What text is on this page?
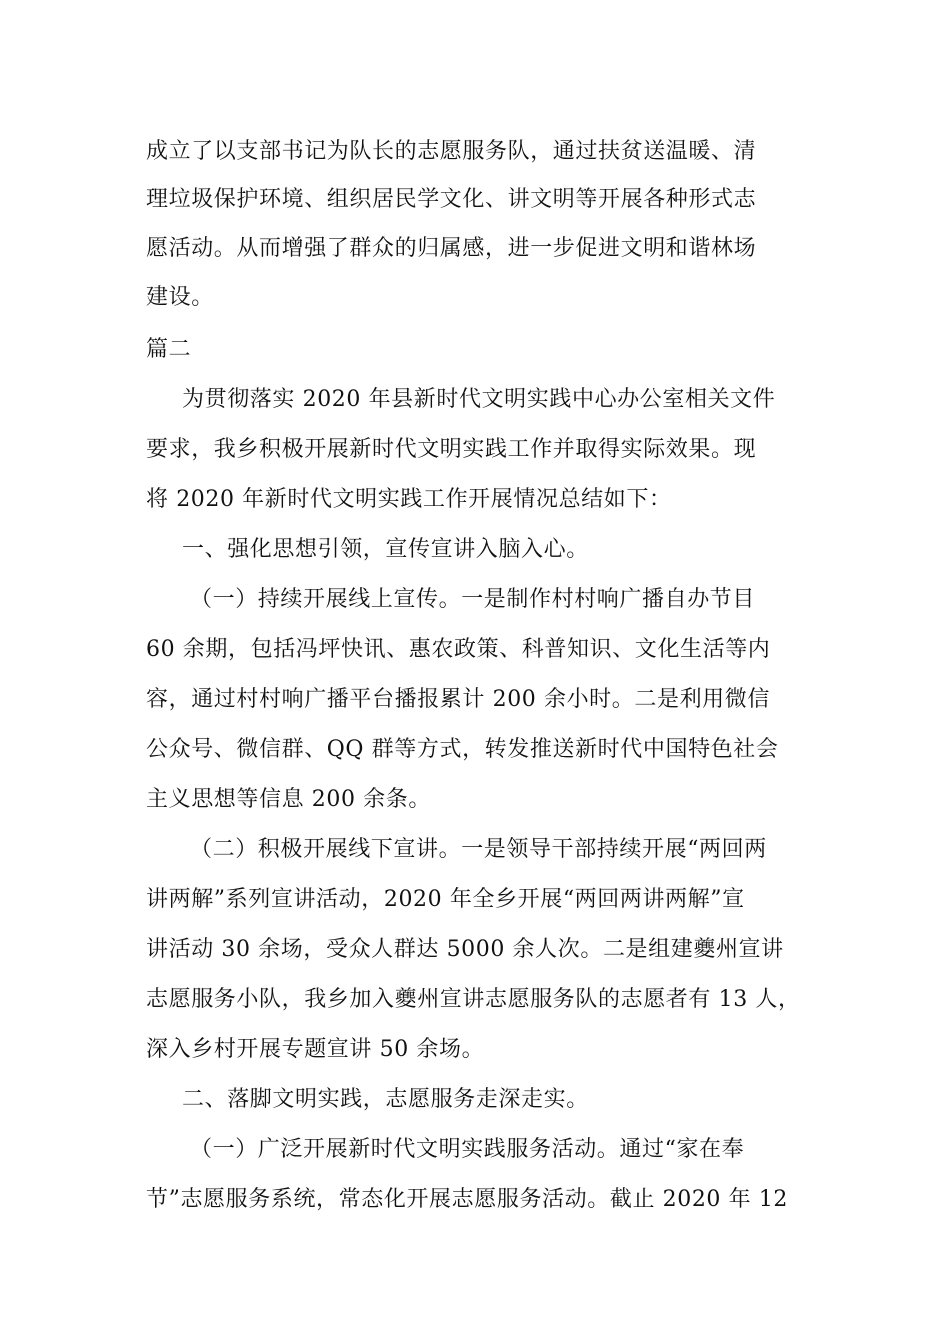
成立了以支部书记为队长的志愿服务队，通过扶贫送温暖、清
理垃圾保护环境、组织居民学文化、讲文明等开展各种形式志
愿活动。从而增强了群众的归属感，进一步促进文明和谐林场
建设。
篇二
为贯彻落实 2020 年县新时代文明实践中心办公室相关文件
要求，我乡积极开展新时代文明实践工作并取得实际效果。现
将 2020 年新时代文明实践工作开展情况总结如下：
一、强化思想引领，宣传宣讲入脑入心。
（一）持续开展线上宣传。一是制作村村响广播自办节目
60 余期，包括冯坪快讯、惠农政策、科普知识、文化生活等内
容，通过村村响广播平台播报累计 200 余小时。二是利用微信
公众号、微信群、QQ 群等方式，转发推送新时代中国特色社会
主义思想等信息 200 余条。
（二）积极开展线下宣讲。一是领导干部持续开展“两回两
讲两解”系列宣讲活动，2020 年全乡开展“两回两讲两解”宣
讲活动 30 余场，受众人群达 5000 余人次。二是组建夔州宣讲
志愿服务小队，我乡加入夔州宣讲志愿服务队的志愿者有 13 人，
深入乡村开展专题宣讲 50 余场。
二、落脚文明实践，志愿服务走深走实。
（一）广泛开展新时代文明实践服务活动。通过“家在奉
节”志愿服务系统，常态化开展志愿服务活动。截止 2020 年 12
